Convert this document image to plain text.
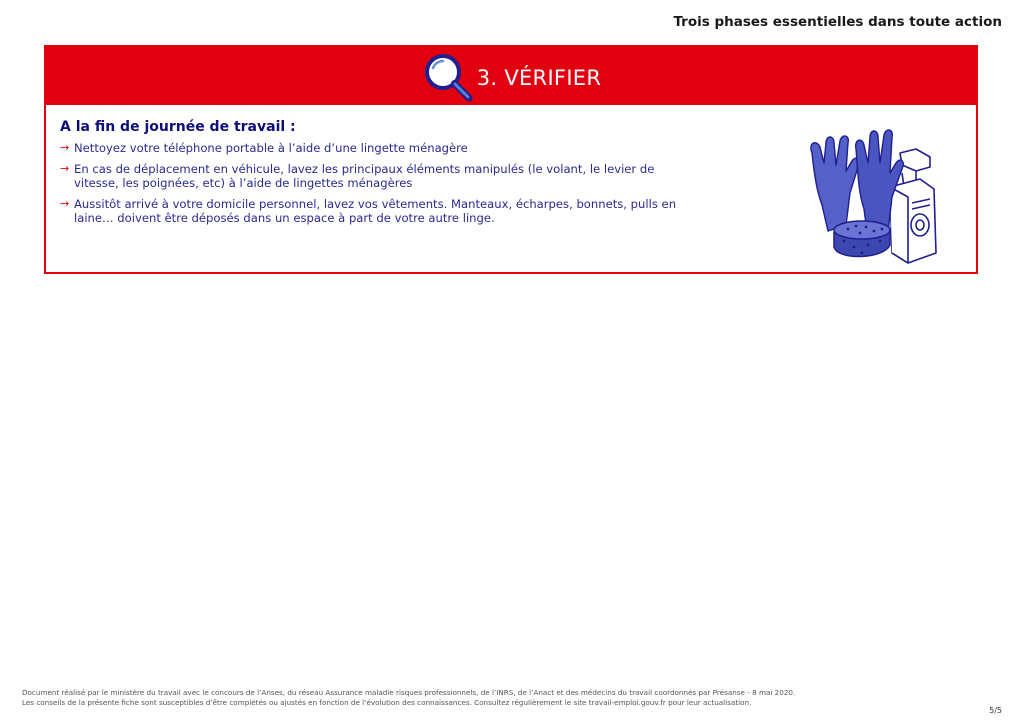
Trois phases essentielles dans toute action
3. VÉRIFIER
A la fin de journée de travail :
→ Nettoyez votre téléphone portable à l’aide d’une lingette ménagère
→ En cas de déplacement en véhicule, lavez les principaux éléments manipulés (le volant, le levier de vitesse, les poignées, etc) à l’aide de lingettes ménagères
→ Aussitôt arrivé à votre domicile personnel, lavez vos vêtements. Manteaux, écharpes, bonnets, pulls en laine… doivent être déposés dans un espace à part de votre autre linge.

Document réalisé par le ministère du travail avec le concours de l’Anses, du réseau Assurance maladie risques professionnels, de l’INRS, de l’Anact et des médecins du travail coordonnés par Présanse - 8 mai 2020.

Les conseils de la présente fiche sont susceptibles d’être complétés ou ajustés en fonction de l’évolution des connaissances. Consultez régulièrement le site travail-emploi.gouv.fr pour leur actualisation.

5/5
